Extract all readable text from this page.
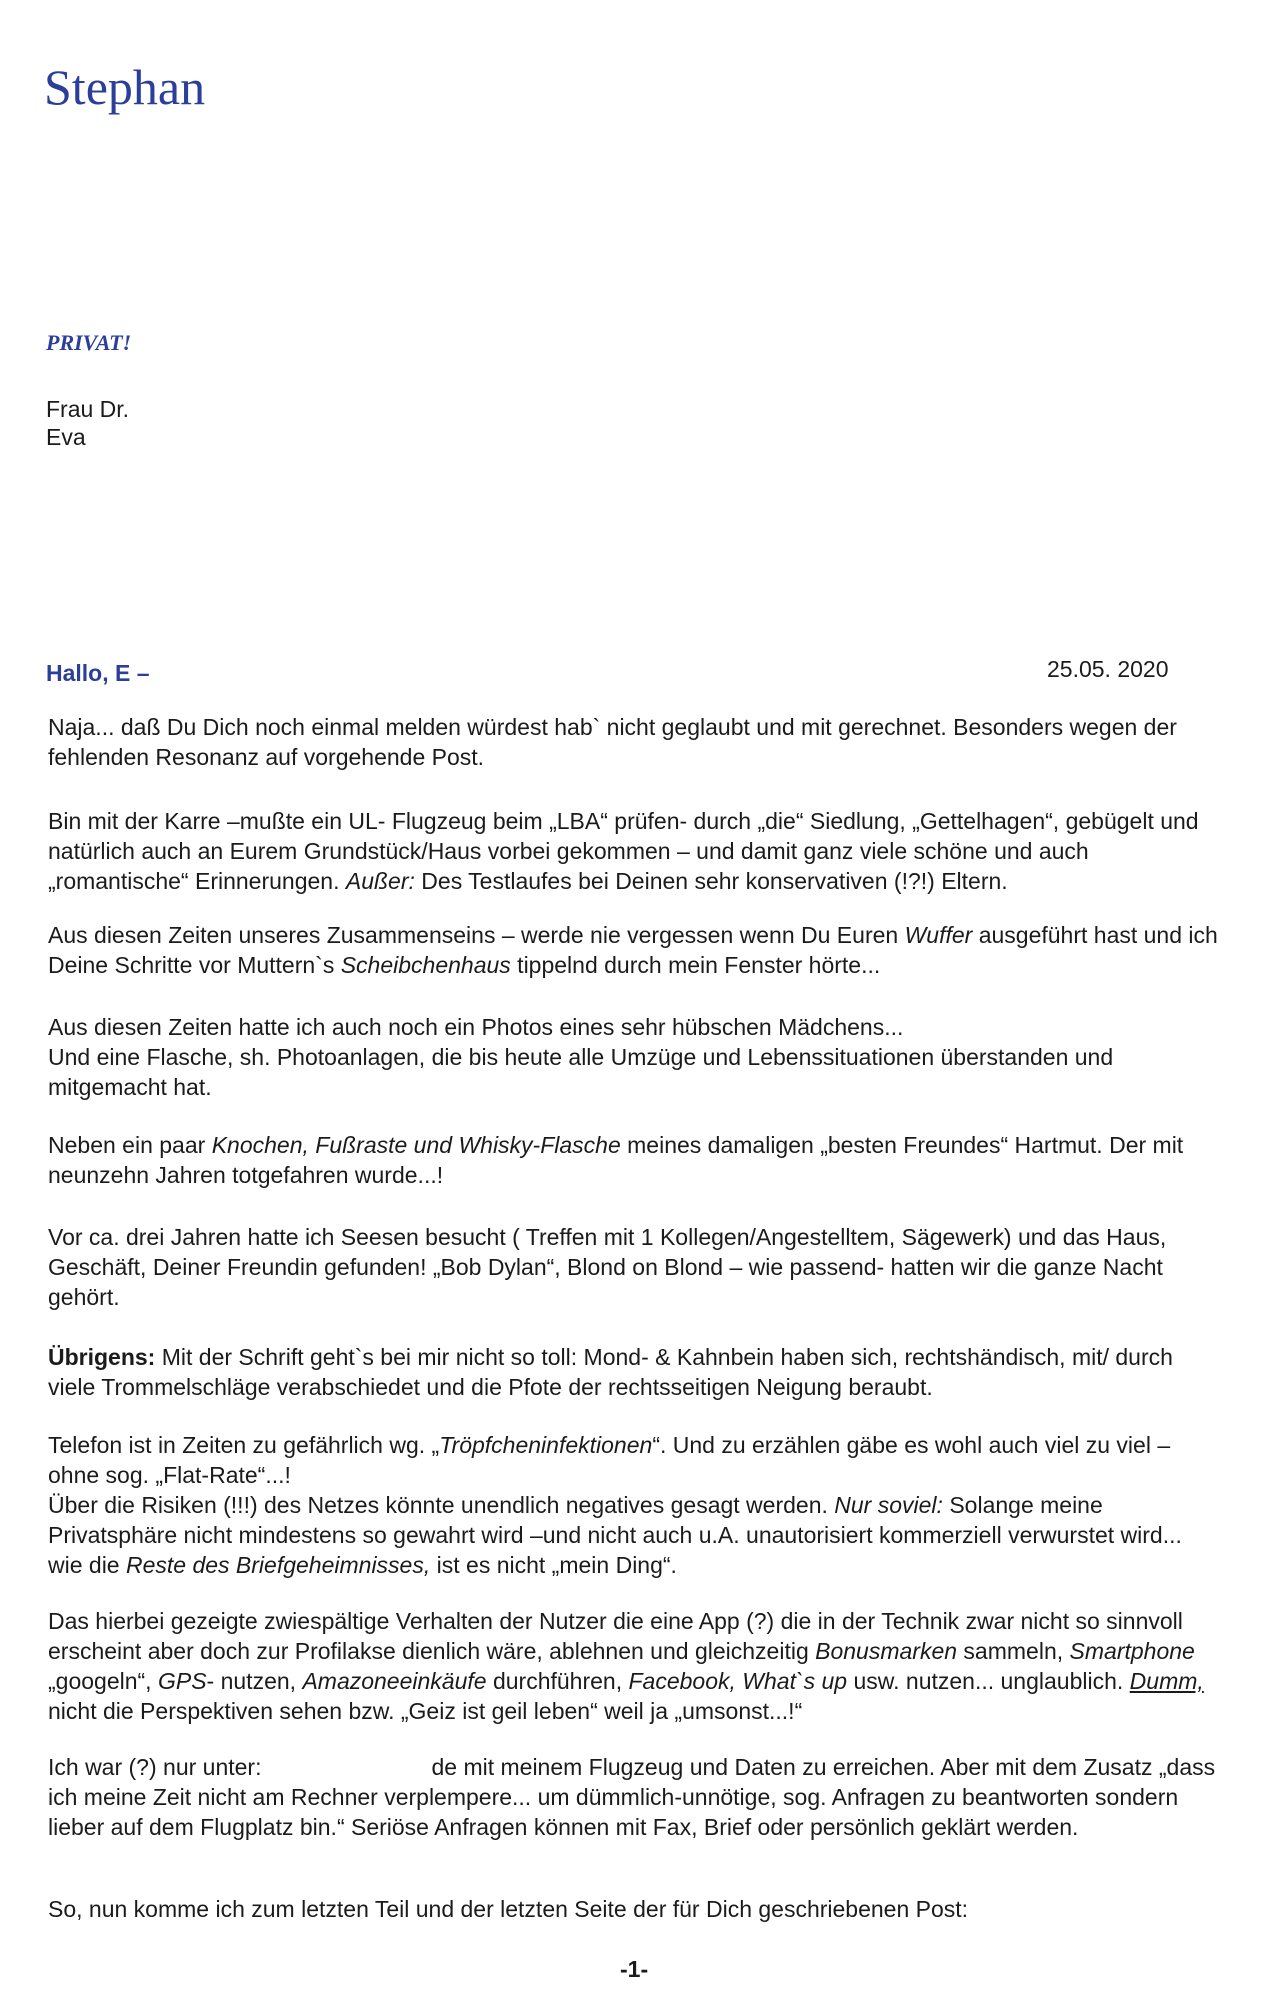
Stephan
PRIVAT!
Frau Dr.
Eva
Hallo, E –	25.05. 2020

Naja... daß Du Dich noch einmal melden würdest hab` nicht geglaubt und mit gerechnet. Besonders wegen der fehlenden Resonanz auf vorgehende Post.

Bin mit der Karre –mußte ein UL- Flugzeug beim „LBA“ prüfen- durch „die“ Siedlung, „Gettelhagen“, gebügelt und natürlich auch an Eurem Grundstück/Haus vorbei gekommen – und damit ganz viele schöne und auch „romantische“ Erinnerungen. Außer: Des Testlaufes bei Deinen sehr konservativen (!?!) Eltern.

Aus diesen Zeiten unseres Zusammenseins – werde nie vergessen wenn Du Euren Wuffer ausgeführt hast und ich Deine Schritte vor Muttern`s Scheibchenhaus tippelnd durch mein Fenster hörte...

Aus diesen Zeiten hatte ich auch noch ein Photos eines sehr hübschen Mädchens...

Und eine Flasche, sh. Photoanlagen, die bis heute alle Umzüge und Lebenssituationen überstanden und mitgemacht hat.

Neben ein paar Knochen, Fußraste und Whisky-Flasche meines damaligen „besten Freundes“ Hartmut. Der mit neunzehn Jahren totgefahren wurde...!

Vor ca. drei Jahren hatte ich Seesen besucht ( Treffen mit 1 Kollegen/Angestelltem, Sägewerk) und das Haus, Geschäft, Deiner Freundin gefunden! „Bob Dylan“, Blond on Blond – wie passend- hatten wir die ganze Nacht gehört.

Übrigens: Mit der Schrift geht`s bei mir nicht so toll: Mond- & Kahnbein haben sich, rechtshändisch, mit/ durch viele Trommelschläge verabschiedet und die Pfote der rechtsseitigen Neigung beraubt.

Telefon ist in Zeiten zu gefährlich wg. „Tröpfcheninfektionen“. Und zu erzählen gäbe es wohl auch viel zu viel – ohne sog. „Flat-Rate“...!

Über die Risiken (!!!) des Netzes könnte unendlich negatives gesagt werden. Nur soviel: Solange meine Privatsphäre nicht mindestens so gewahrt wird –und nicht auch u.A. unautorisiert kommerziell verwurstet wird... wie die Reste des Briefgeheimnisses, ist es nicht „mein Ding“.

Das hierbei gezeigte zwiespältige Verhalten der Nutzer die eine App (?) die in der Technik zwar nicht so sinnvoll erscheint aber doch zur Profilakse dienlich wäre, ablehnen und gleichzeitig Bonusmarken sammeln, Smartphone „googeln“, GPS- nutzen, Amazoneeinkäufe durchführen, Facebook, What`s up usw. nutzen... unglaublich. Dumm, nicht die Perspektiven sehen bzw. „Geiz ist geil leben“ weil ja „umsonst...!“

Ich war (?) nur unter:	de mit meinem Flugzeug und Daten zu erreichen. Aber mit dem Zusatz „dass ich meine Zeit nicht am Rechner verplempere... um dümmlich-unnötige, sog. Anfragen zu beantworten sondern lieber auf dem Flugplatz bin.“ Seriöse Anfragen können mit Fax, Brief oder persönlich geklärt werden.

So, nun komme ich zum letzten Teil und der letzten Seite der für Dich geschriebenen Post:

-1-
